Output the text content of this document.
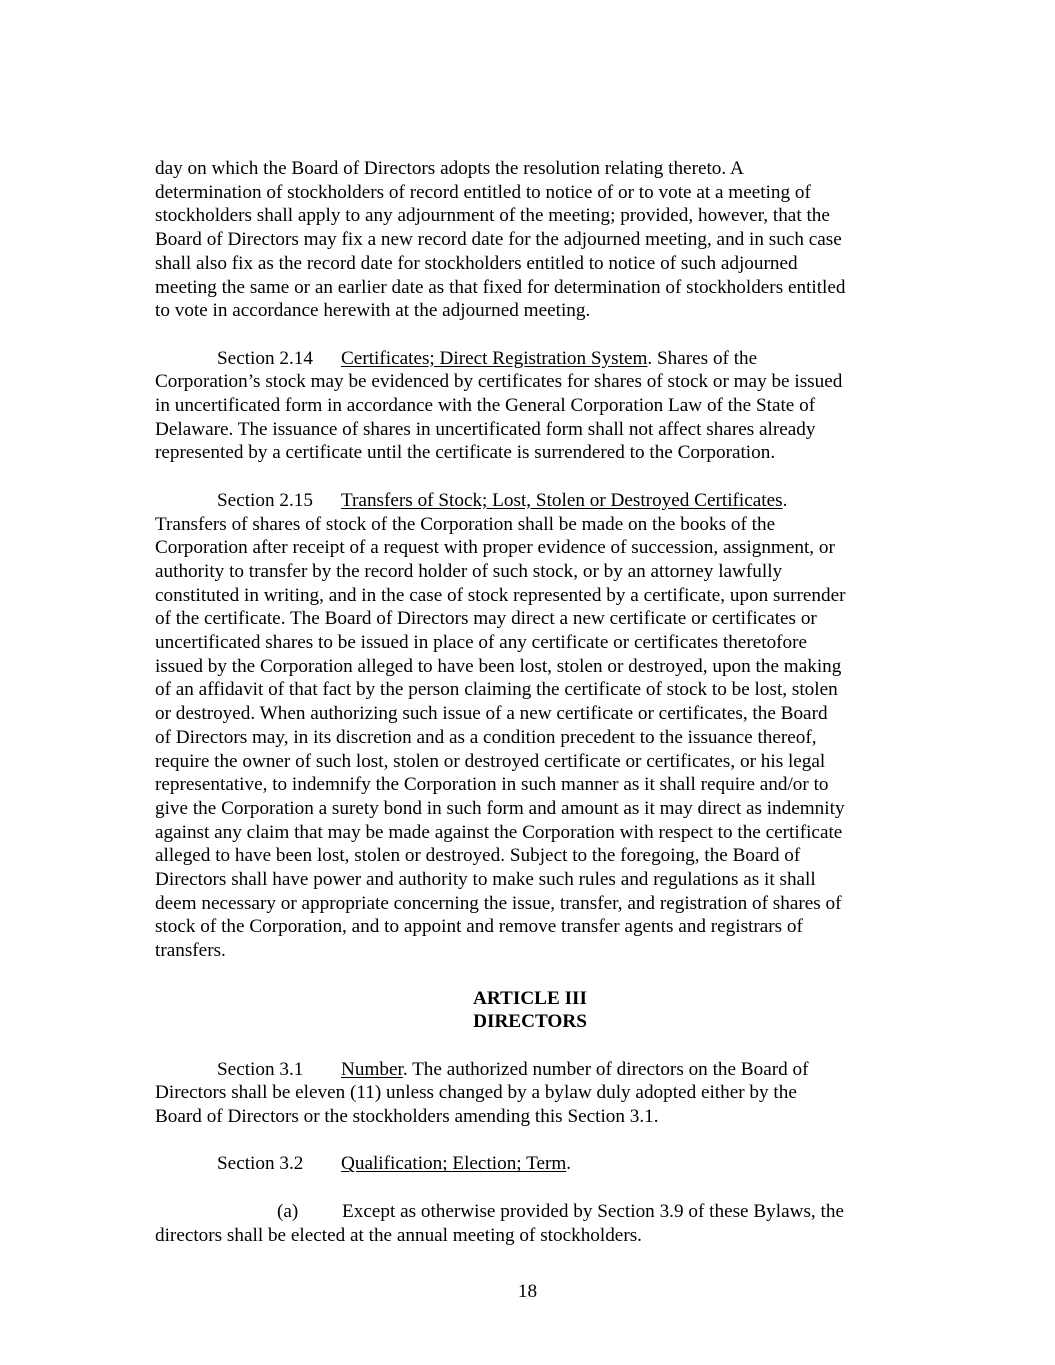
day on which the Board of Directors adopts the resolution relating thereto. A
determination of stockholders of record entitled to notice of or to vote at a meeting of
stockholders shall apply to any adjournment of the meeting; provided, however, that the
Board of Directors may fix a new record date for the adjourned meeting, and in such case
shall also fix as the record date for stockholders entitled to notice of such adjourned
meeting the same or an earlier date as that fixed for determination of stockholders entitled
to vote in accordance herewith at the adjourned meeting.
Section 2.14 Certificates; Direct Registration System. Shares of the
Corporation’s stock may be evidenced by certificates for shares of stock or may be issued
in uncertificated form in accordance with the General Corporation Law of the State of
Delaware. The issuance of shares in uncertificated form shall not affect shares already
represented by a certificate until the certificate is surrendered to the Corporation.
Section 2.15 Transfers of Stock; Lost, Stolen or Destroyed Certificates.
Transfers of shares of stock of the Corporation shall be made on the books of the
Corporation after receipt of a request with proper evidence of succession, assignment, or
authority to transfer by the record holder of such stock, or by an attorney lawfully
constituted in writing, and in the case of stock represented by a certificate, upon surrender
of the certificate. The Board of Directors may direct a new certificate or certificates or
uncertificated shares to be issued in place of any certificate or certificates theretofore
issued by the Corporation alleged to have been lost, stolen or destroyed, upon the making
of an affidavit of that fact by the person claiming the certificate of stock to be lost, stolen
or destroyed. When authorizing such issue of a new certificate or certificates, the Board
of Directors may, in its discretion and as a condition precedent to the issuance thereof,
require the owner of such lost, stolen or destroyed certificate or certificates, or his legal
representative, to indemnify the Corporation in such manner as it shall require and/or to
give the Corporation a surety bond in such form and amount as it may direct as indemnity
against any claim that may be made against the Corporation with respect to the certificate
alleged to have been lost, stolen or destroyed. Subject to the foregoing, the Board of
Directors shall have power and authority to make such rules and regulations as it shall
deem necessary or appropriate concerning the issue, transfer, and registration of shares of
stock of the Corporation, and to appoint and remove transfer agents and registrars of
transfers.
ARTICLE III
DIRECTORS
Section 3.1 Number. The authorized number of directors on the Board of
Directors shall be eleven (11) unless changed by a bylaw duly adopted either by the
Board of Directors or the stockholders amending this Section 3.1.
Section 3.2 Qualification; Election; Term.
(a) Except as otherwise provided by Section 3.9 of these Bylaws, the
directors shall be elected at the annual meeting of stockholders.
18
